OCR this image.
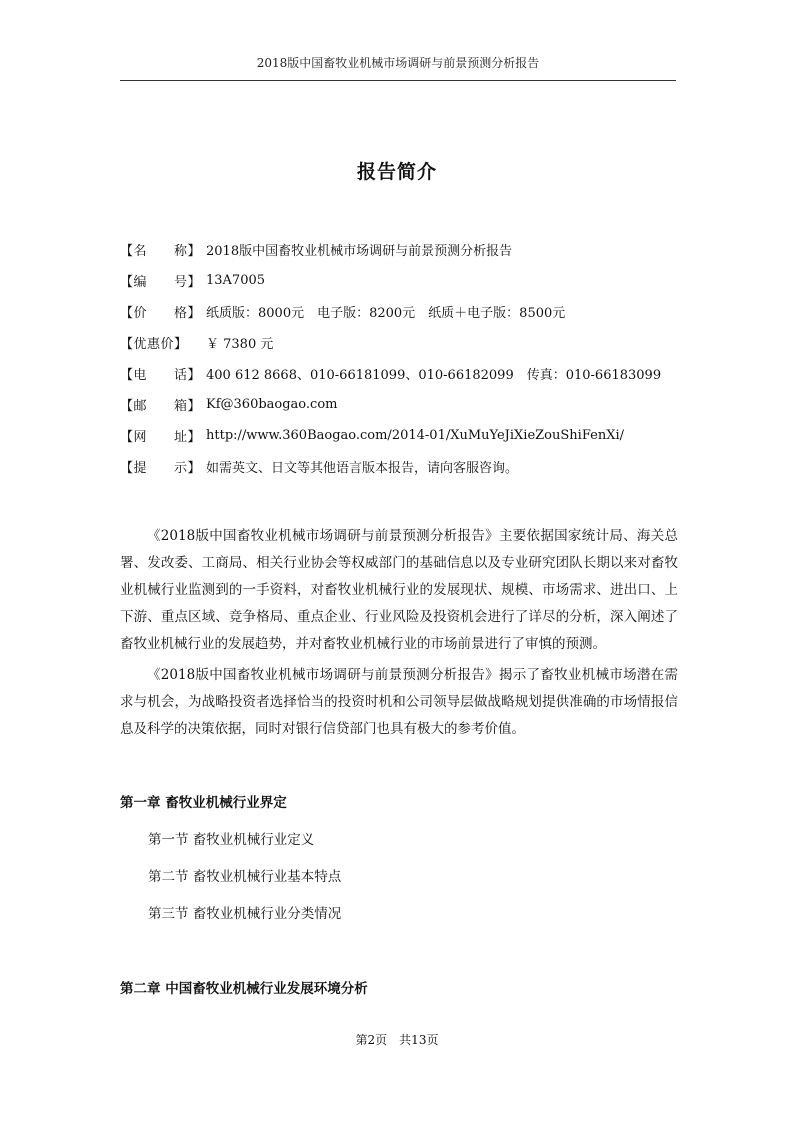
2018版中国畜牧业机械市场调研与前景预测分析报告
报告简介
【名　　称】 2018版中国畜牧业机械市场调研与前景预测分析报告
【编　　号】 13A7005
【价　　格】 纸质版：8000元　电子版：8200元　纸质＋电子版：8500元
【优惠价】	￥ 7380 元
【电　　话】 400 612 8668、010-66181099、010-66182099　传真：010-66183099
【邮　　箱】 Kf@360baogao.com
【网　　址】 http://www.360Baogao.com/2014-01/XuMuYeJiXieZouShiFenXi/
【提　　示】 如需英文、日文等其他语言版本报告，请向客服咨询。

《2018版中国畜牧业机械市场调研与前景预测分析报告》主要依据国家统计局、海关总署、发改委、工商局、相关行业协会等权威部门的基础信息以及专业研究团队长期以来对畜牧业机械行业监测到的一手资料，对畜牧业机械行业的发展现状、规模、市场需求、进出口、上下游、重点区域、竞争格局、重点企业、行业风险及投资机会进行了详尽的分析，深入阐述了畜牧业机械行业的发展趋势，并对畜牧业机械行业的市场前景进行了审慎的预测。

《2018版中国畜牧业机械市场调研与前景预测分析报告》揭示了畜牧业机械市场潜在需求与机会，为战略投资者选择恰当的投资时机和公司领导层做战略规划提供准确的市场情报信息及科学的决策依据，同时对银行信贷部门也具有极大的参考价值。

第一章 畜牧业机械行业界定
第一节 畜牧业机械行业定义
第二节 畜牧业机械行业基本特点
第三节 畜牧业机械行业分类情况
第二章 中国畜牧业机械行业发展环境分析
第2页　共13页
